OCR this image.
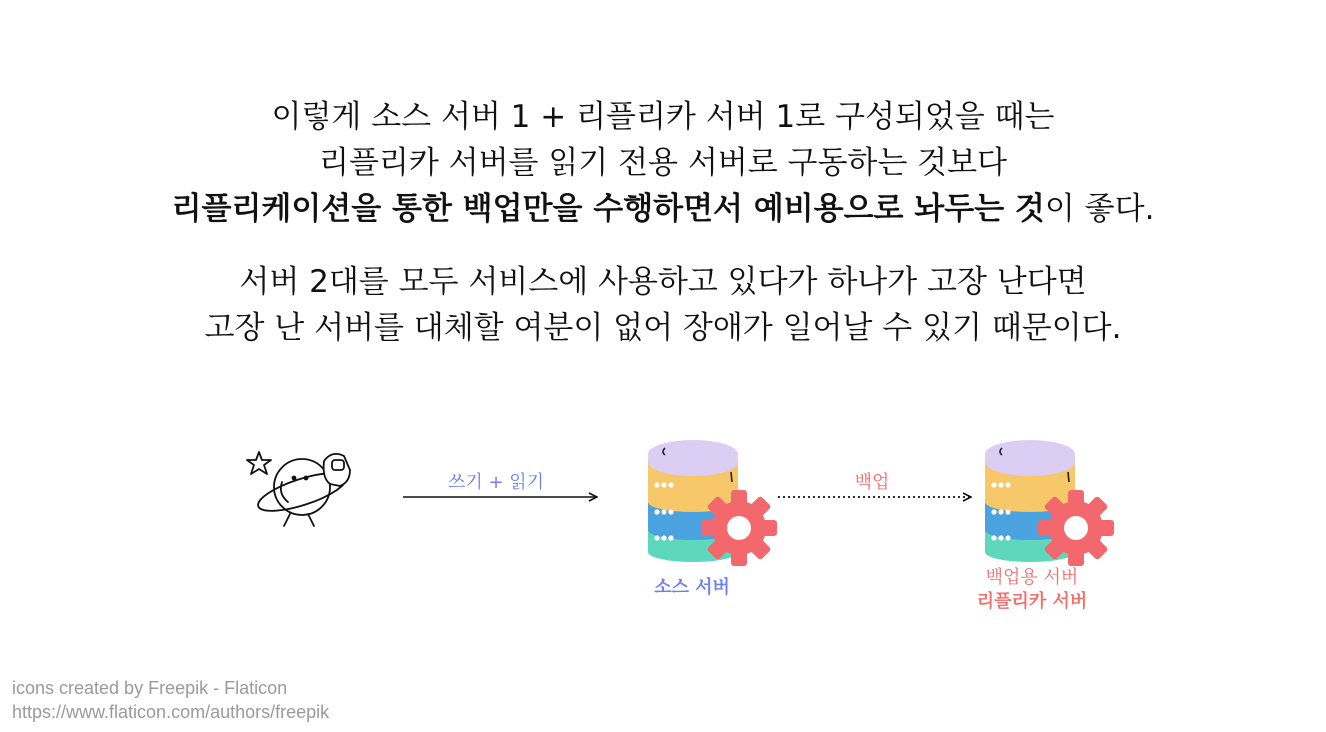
이렇게 소스 서버 1 + 리플리카 서버 1로 구성되었을 때는

리플리카 서버를 읽기 전용 서버로 구동하는 것보다

리플리케이션을 통한 백업만을 수행하면서 예비용으로 놔두는 것이 좋다.

서버 2대를 모두 서비스에 사용하고 있다가 하나가 고장 난다면

고장 난 서버를 대체할 여분이 없어 장애가 일어날 수 있기 때문이다.

쓰기 + 읽기	백업
소스 서버	백업용 서버
리플리카 서버
icons created by Freepik - Flaticon
https://www.flaticon.com/authors/freepik
